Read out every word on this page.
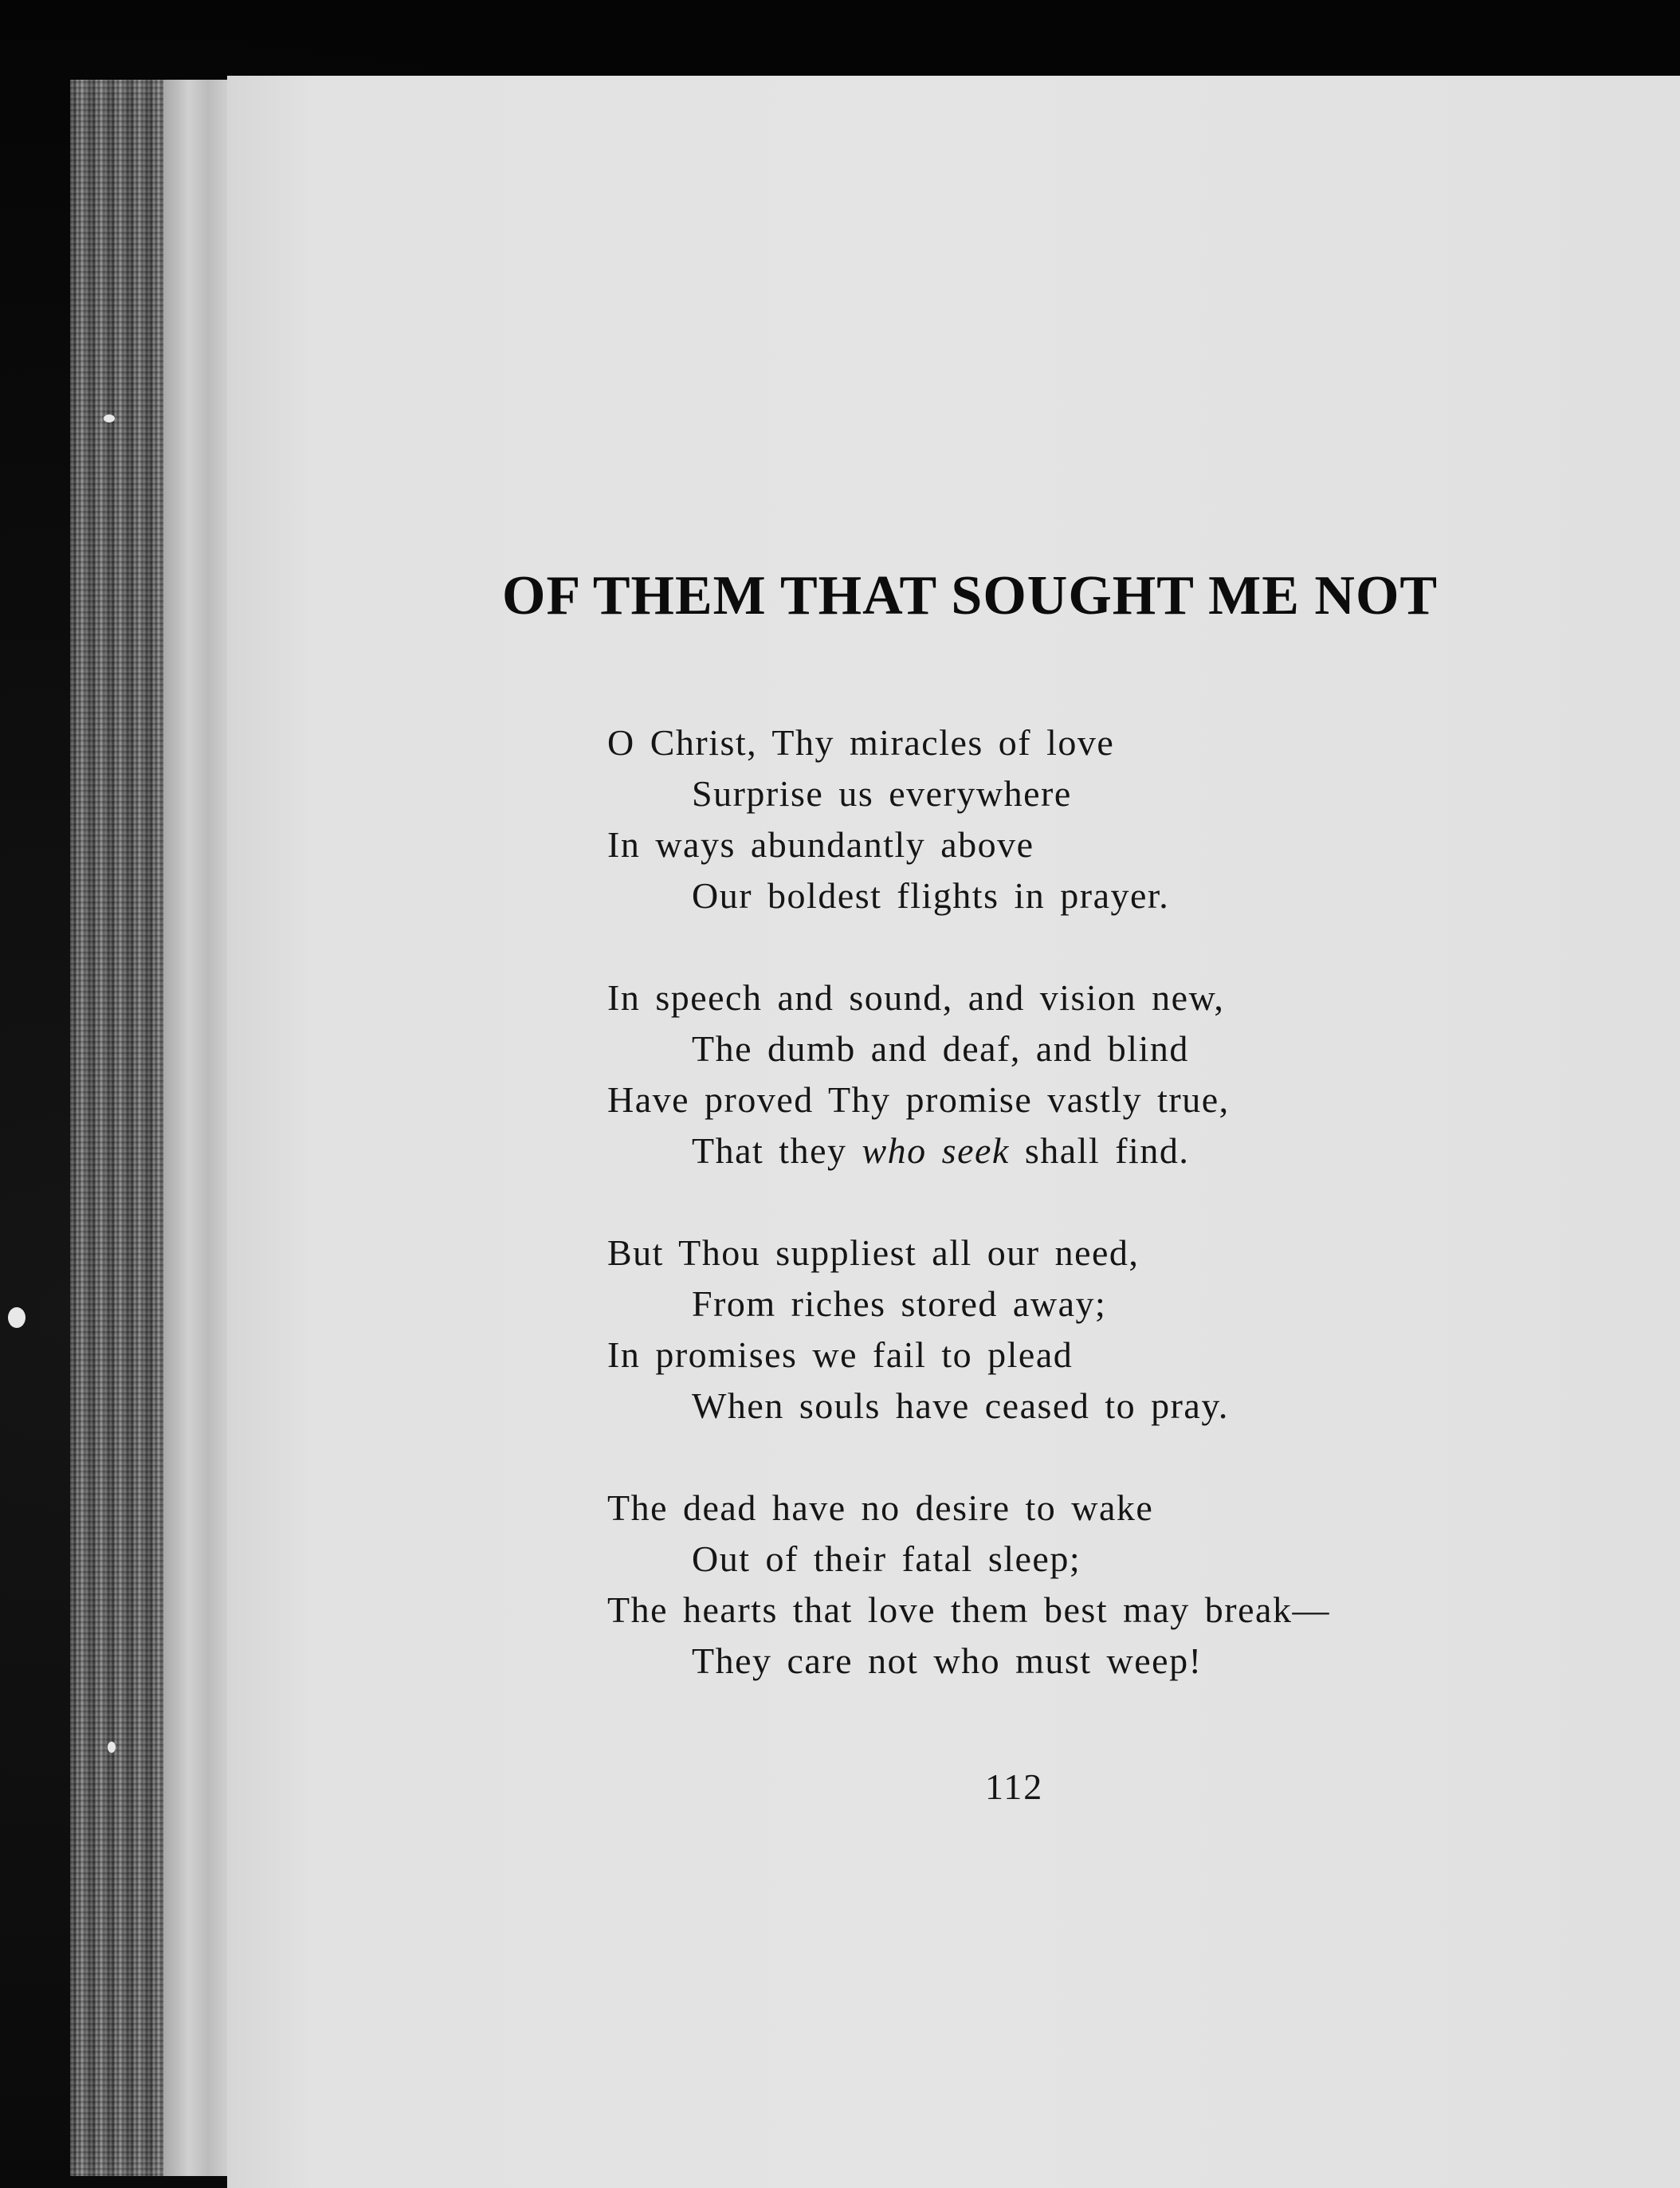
OF THEM THAT SOUGHT ME NOT
O Christ, Thy miracles of love
Surprise us everywhere
In ways abundantly above
Our boldest flights in prayer.
In speech and sound, and vision new,
The dumb and deaf, and blind
Have proved Thy promise vastly true,
That they who seek shall find.
But Thou suppliest all our need,
From riches stored away;
In promises we fail to plead
When souls have ceased to pray.
The dead have no desire to wake
Out of their fatal sleep;
The hearts that love them best may break—
They care not who must weep!
112
